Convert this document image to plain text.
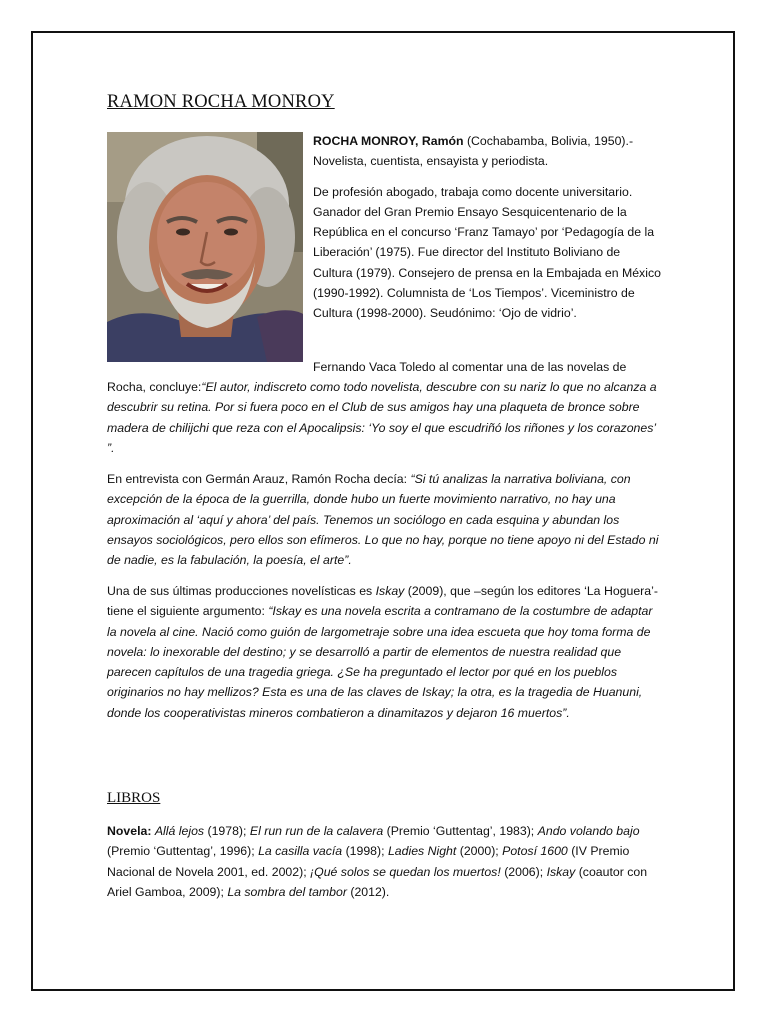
RAMON ROCHA MONROY

ROCHA MONROY, Ramón (Cochabamba, Bolivia, 1950).- Novelista, cuentista, ensayista y periodista.

De profesión abogado, trabaja como docente universitario. Ganador del Gran Premio Ensayo Sesquicentenario de la República en el concurso ‘Franz Tamayo’ por ‘Pedagogía de la Liberación’ (1975). Fue director del Instituto Boliviano de Cultura (1979). Consejero de prensa en la Embajada en México (1990-1992). Columnista de ‘Los Tiempos’. Viceministro de Cultura (1998-2000). Seudónimo: ‘Ojo de vidrio’.

Fernando Vaca Toledo al comentar una de las novelas de

Rocha, concluye:“El autor, indiscreto como todo novelista, descubre con su nariz lo que no alcanza a descubrir su retina. Por si fuera poco en el Club de sus amigos hay una plaqueta de bronce sobre madera de chilijchi que reza con el Apocalipsis: ‘Yo soy el que escudriñó los riñones y los corazones’ ”.

En entrevista con Germán Arauz, Ramón Rocha decía: “Si tú analizas la narrativa boliviana, con excepción de la época de la guerrilla, donde hubo un fuerte movimiento narrativo, no hay una aproximación al ‘aquí y ahora’ del país. Tenemos un sociólogo en cada esquina y abundan los ensayos sociológicos, pero ellos son efímeros. Lo que no hay, porque no tiene apoyo ni del Estado ni de nadie, es la fabulación, la poesía, el arte”.

Una de sus últimas producciones novelísticas es Iskay (2009), que –según los editores ‘La Hoguera’- tiene el siguiente argumento: “Iskay es una novela escrita a contramano de la costumbre de adaptar la novela al cine. Nació como guión de largometraje sobre una idea escueta que hoy toma forma de novela: lo inexorable del destino; y se desarrolló a partir de elementos de nuestra realidad que parecen capítulos de una tragedia griega. ¿Se ha preguntado el lector por qué en los pueblos originarios no hay mellizos? Esta es una de las claves de Iskay; la otra, es la tragedia de Huanuni, donde los cooperativistas mineros combatieron a dinamitazos y dejaron 16 muertos”.

LIBROS

Novela: Allá lejos (1978); El run run de la calavera (Premio ‘Guttentag’, 1983); Ando volando bajo (Premio ‘Guttentag’, 1996); La casilla vacía (1998); Ladies Night (2000); Potosí 1600 (IV Premio Nacional de Novela 2001, ed. 2002); ¡Qué solos se quedan los muertos! (2006); Iskay (coautor con Ariel Gamboa, 2009); La sombra del tambor (2012).
